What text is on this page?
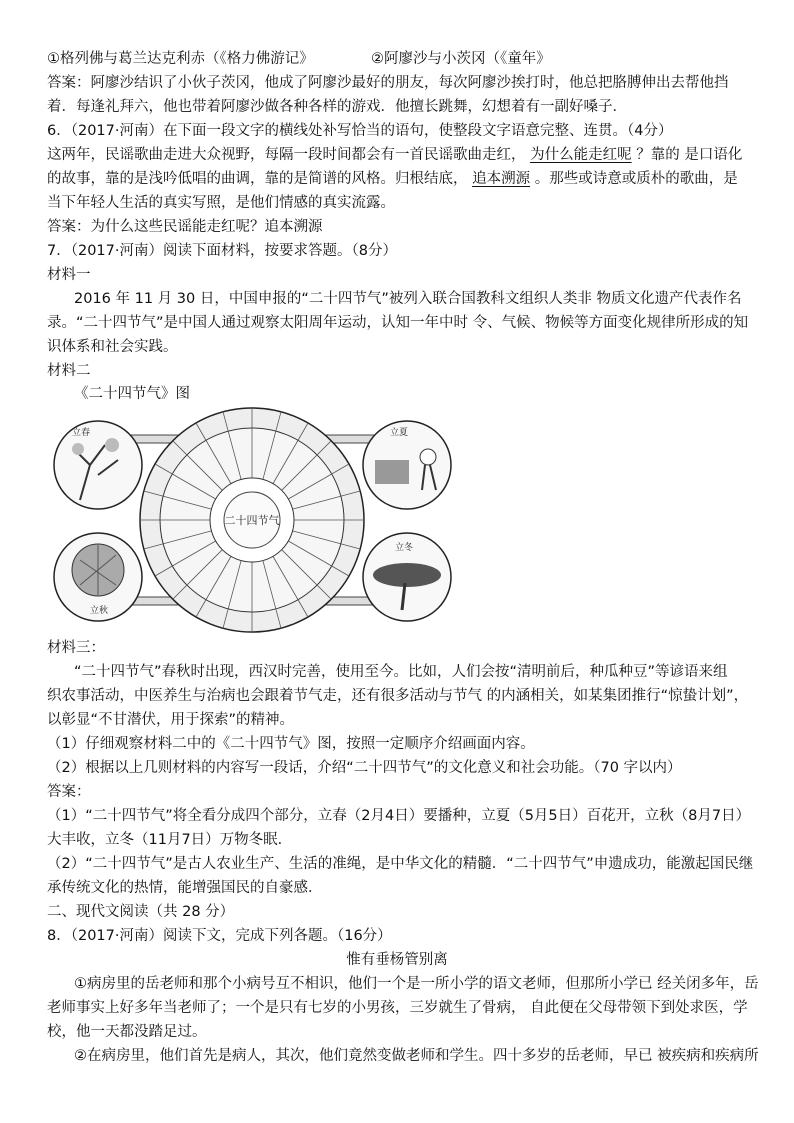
①格列佛与葛兰达克利赤（《格力佛游记》	②阿廖沙与小茨冈（《童年》
答案：阿廖沙结识了小伙子茨冈，他成了阿廖沙最好的朋友，每次阿廖沙挨打时，他总把胳膊伸出去帮他挡
着．每逢礼拜六，他也带着阿廖沙做各种各样的游戏．他擅长跳舞，幻想着有一副好嗓子．
6．（2017·河南）在下面一段文字的横线处补写恰当的语句，使整段文字语意完整、连贯。（4分）
这两年，民谣歌曲走进大众视野，每隔一段时间都会有一首民谣歌曲走红， 为什么能走红呢 ？靠的 是口语化
的故事，靠的是浅吟低唱的曲调，靠的是简谱的风格。归根结底， 追本溯源 。那些或诗意或质朴的歌曲，是
当下年轻人生活的真实写照，是他们情感的真实流露。
答案：为什么这些民谣能走红呢？追本溯源
7．（2017·河南）阅读下面材料，按要求答题。（8分）
材料一
2016 年 11 月 30 日，中国申报的“二十四节气”被列入联合国教科文组织人类非 物质文化遗产代表作名
录。“二十四节气”是中国人通过观察太阳周年运动，认知一年中时 令、气候、物候等方面变化规律所形成的知
识体系和社会实践。
材料二
《二十四节气》图
二十四节气
立春	立夏
立秋
立冬
材料三：
“二十四节气”春秋时出现，西汉时完善，使用至今。比如，人们会按“清明前后，种瓜种豆”等谚语来组
织农事活动，中医养生与治病也会跟着节气走，还有很多活动与节气 的内涵相关，如某集团推行“惊蛰计划”，
以彰显“不甘潜伏，用于探索”的精神。
（1）仔细观察材料二中的《二十四节气》图，按照一定顺序介绍画面内容。
（2）根据以上几则材料的内容写一段话，介绍“二十四节气”的文化意义和社会功能。（70 字以内）
答案：
（1）“二十四节气”将全看分成四个部分，立春（2月4日）要播种，立夏（5月5日）百花开，立秋（8月7日）
大丰收，立冬（11月7日）万物冬眠．
（2）“二十四节气”是古人农业生产、生活的准绳，是中华文化的精髓．“二十四节气”申遗成功，能激起国民继
承传统文化的热情，能增强国民的自豪感．
二、现代文阅读（共 28 分）
8．（2017·河南）阅读下文，完成下列各题。（16分）
惟有垂杨管别离
①病房里的岳老师和那个小病号互不相识，他们一个是一所小学的语文老师，但那所小学已 经关闭多年，岳
老师事实上好多年当老师了；一个是只有七岁的小男孩，三岁就生了骨病， 自此便在父母带领下到处求医，学
校，他一天都没踏足过。
②在病房里，他们首先是病人，其次，他们竟然变做老师和学生。四十多岁的岳老师，早已 被疾病和疾病所
